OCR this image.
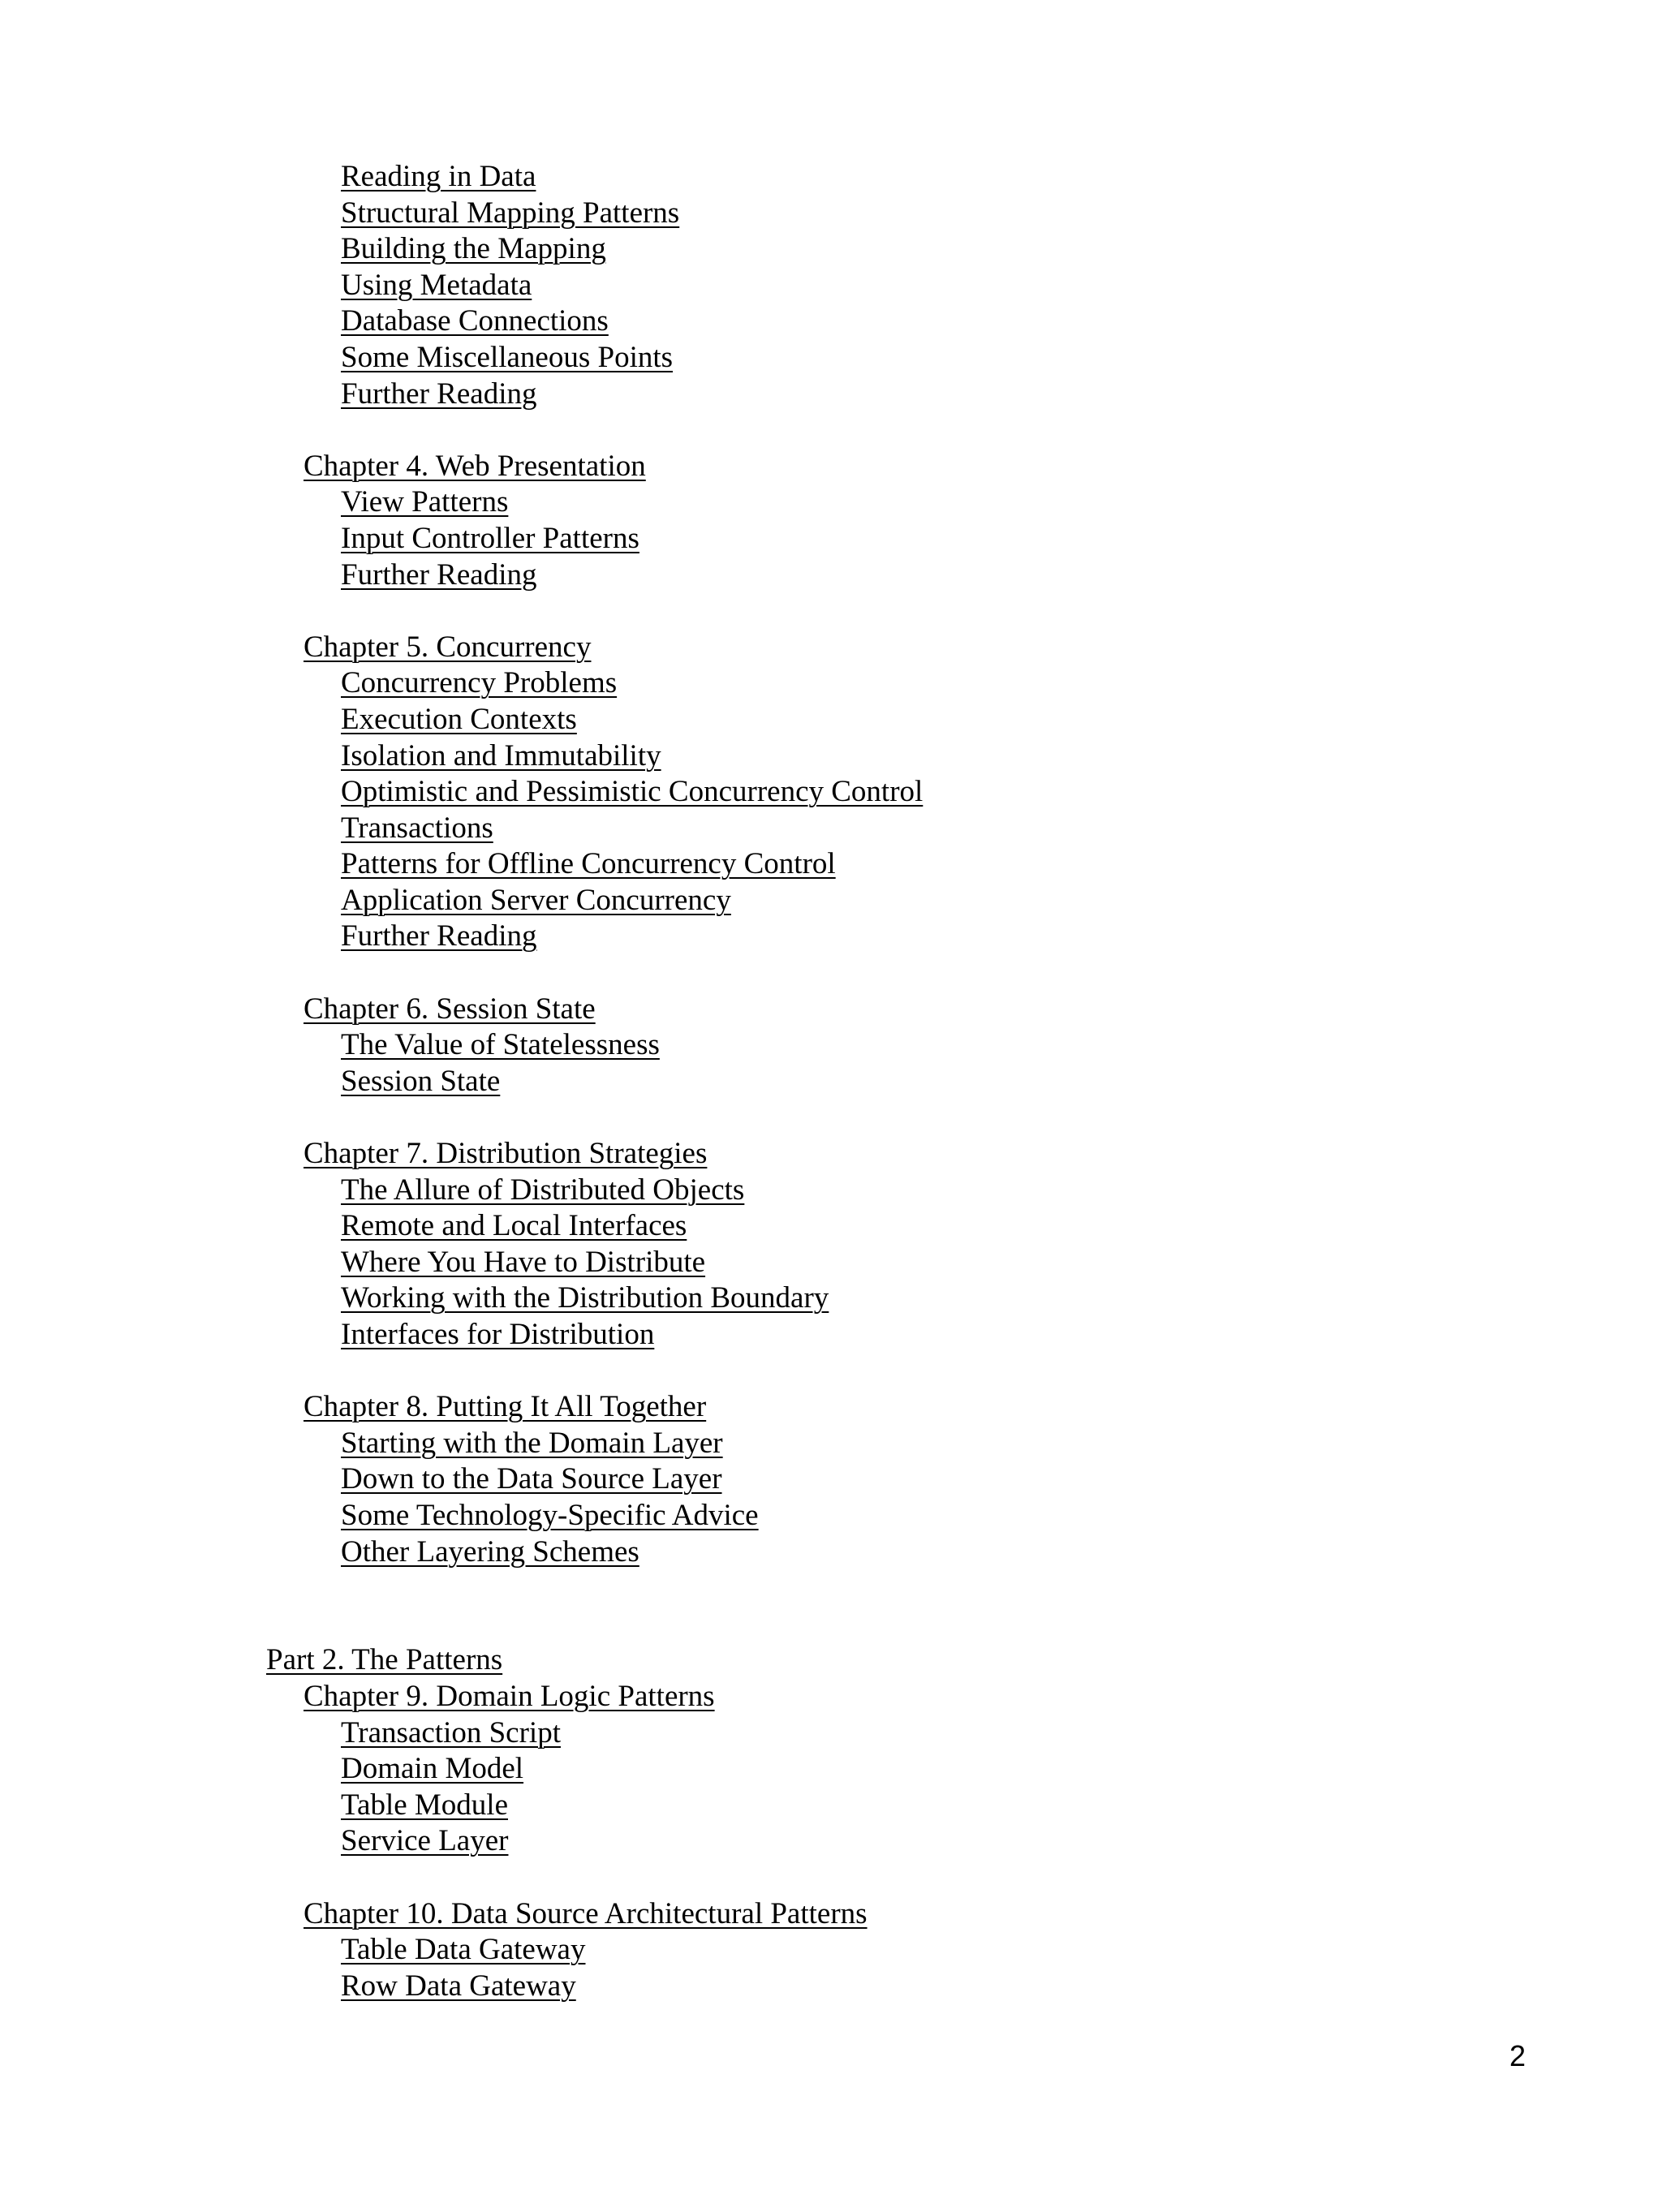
Reading in Data
Structural Mapping Patterns
Building the Mapping
Using Metadata
Database Connections
Some Miscellaneous Points
Further Reading
Chapter 4. Web Presentation
View Patterns
Input Controller Patterns
Further Reading
Chapter 5. Concurrency
Concurrency Problems
Execution Contexts
Isolation and Immutability
Optimistic and Pessimistic Concurrency Control
Transactions
Patterns for Offline Concurrency Control
Application Server Concurrency
Further Reading
Chapter 6. Session State
The Value of Statelessness
Session State
Chapter 7. Distribution Strategies
The Allure of Distributed Objects
Remote and Local Interfaces
Where You Have to Distribute
Working with the Distribution Boundary
Interfaces for Distribution
Chapter 8. Putting It All Together
Starting with the Domain Layer
Down to the Data Source Layer
Some Technology-Specific Advice
Other Layering Schemes
Part 2. The Patterns
Chapter 9. Domain Logic Patterns
Transaction Script
Domain Model
Table Module
Service Layer
Chapter 10. Data Source Architectural Patterns
Table Data Gateway
Row Data Gateway
2
